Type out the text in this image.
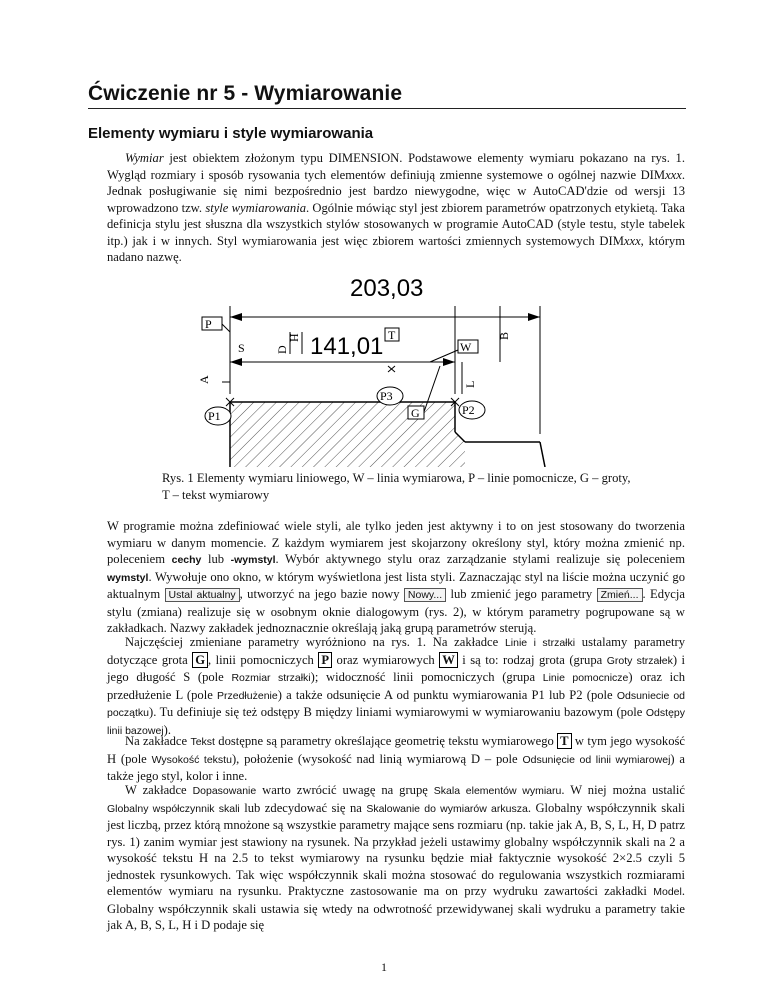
Ćwiczenie nr 5 - Wymiarowanie
Elementy wymiaru i style wymiarowania

Wymiar jest obiektem złożonym typu DIMENSION. Podstawowe elementy wymiaru pokazano na rys. 1. Wygląd rozmiary i sposób rysowania tych elementów definiują zmienne systemowe o ogólnej nazwie DIMxxx. Jednak posługiwanie się nimi bezpośrednio jest bardzo niewygodne, więc w AutoCAD'dzie od wersji 13 wprowadzono tzw. style wymiarowania. Ogólnie mówiąc styl jest zbiorem parametrów opatrzonych etykietą. Taka definicja stylu jest słuszna dla wszystkich stylów stosowanych w programie AutoCAD (style testu, style tabelek itp.) jak i w innych. Styl wymiarowania jest więc zbiorem wartości zmiennych systemowych DIMxxx, którym nadano nazwę.

203,03
141,01
P
S	D
H	T
W
B
A
P3
G
L
P1	P2

Rys. 1 Elementy wymiaru liniowego, W – linia wymiarowa, P – linie pomocnicze, G – groty, T – tekst wymiarowy

W programie można zdefiniować wiele styli, ale tylko jeden jest aktywny i to on jest stosowany do tworzenia wymiaru w danym momencie. Z każdym wymiarem jest skojarzony określony styl, który można zmienić np. poleceniem cechy lub -wymstyl. Wybór aktywnego stylu oraz zarządzanie stylami realizuje się poleceniem wymstyl. Wywołuje ono okno, w którym wyświetlona jest lista styli. Zaznaczając styl na liście można uczynić go aktualnym Ustal aktualny , utworzyć na jego bazie nowy Nowy... lub zmienić jego parametry Zmień... . Edycja stylu (zmiana) realizuje się w osobnym oknie dialogowym (rys. 2), w którym parametry pogrupowane są w zakładkach. Nazwy zakładek jednoznacznie określają jaką grupą parametrów sterują.

Najczęściej zmieniane parametry wyróżniono na rys. 1. Na zakładce Linie i strzałki ustalamy parametry dotyczące grota G , linii pomocniczych P oraz wymiarowych W i są to: rodzaj grota (grupa Groty strzałek) i jego długość S (pole Rozmiar strzałki); widoczność linii pomocniczych (grupa Linie pomocnicze) oraz ich przedłużenie L (pole Przedłużenie) a także odsunięcie A od punktu wymiarowania P1 lub P2 (pole Odsuniecie od początku). Tu definiuje się też odstępy B między liniami wymiarowymi w wymiarowaniu bazowym (pole Odstępy linii bazowej).

Na zakładce Tekst dostępne są parametry określające geometrię tekstu wymiarowego T w tym jego wysokość H (pole Wysokość tekstu), położenie (wysokość nad linią wymiarową D – pole Odsunięcie od linii wymiarowej) a także jego styl, kolor i inne.

W zakładce Dopasowanie warto zwrócić uwagę na grupę Skala elementów wymiaru. W niej można ustalić Globalny współczynnik skali lub zdecydować się na Skalowanie do wymiarów arkusza. Globalny współczynnik skali jest liczbą, przez którą mnożone są wszystkie parametry mające sens rozmiaru (np. takie jak A, B, S, L, H, D patrz rys. 1) zanim wymiar jest stawiony na rysunek. Na przykład jeżeli ustawimy globalny współczynnik skali na 2 a wysokość tekstu H na 2.5 to tekst wymiarowy na rysunku będzie miał faktycznie wysokość 2×2.5 czyli 5 jednostek rysunkowych. Tak więc współczynnik skali można stosować do regulowania wszystkich rozmiarami elementów wymiaru na rysunku. Praktyczne zastosowanie ma on przy wydruku zawartości zakładki Model. Globalny współczynnik skali ustawia się wtedy na odwrotność przewidywanej skali wydruku a parametry takie jak A, B, S, L, H i D podaje się

1
